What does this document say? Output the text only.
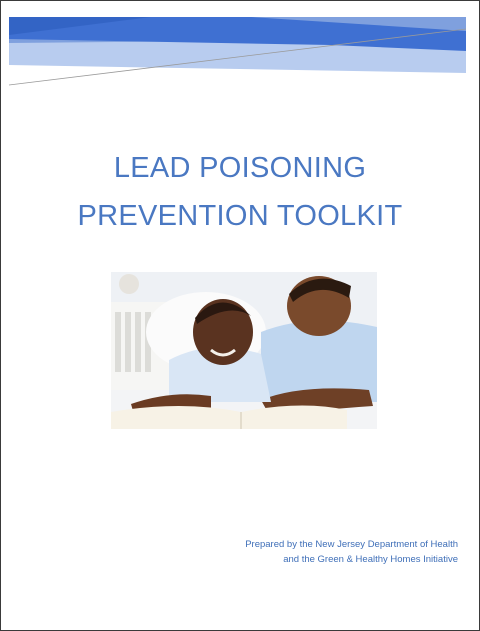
LEAD POISONING
PREVENTION TOOLKIT
Prepared by the New Jersey Department of Health
and the Green & Healthy Homes Initiative
